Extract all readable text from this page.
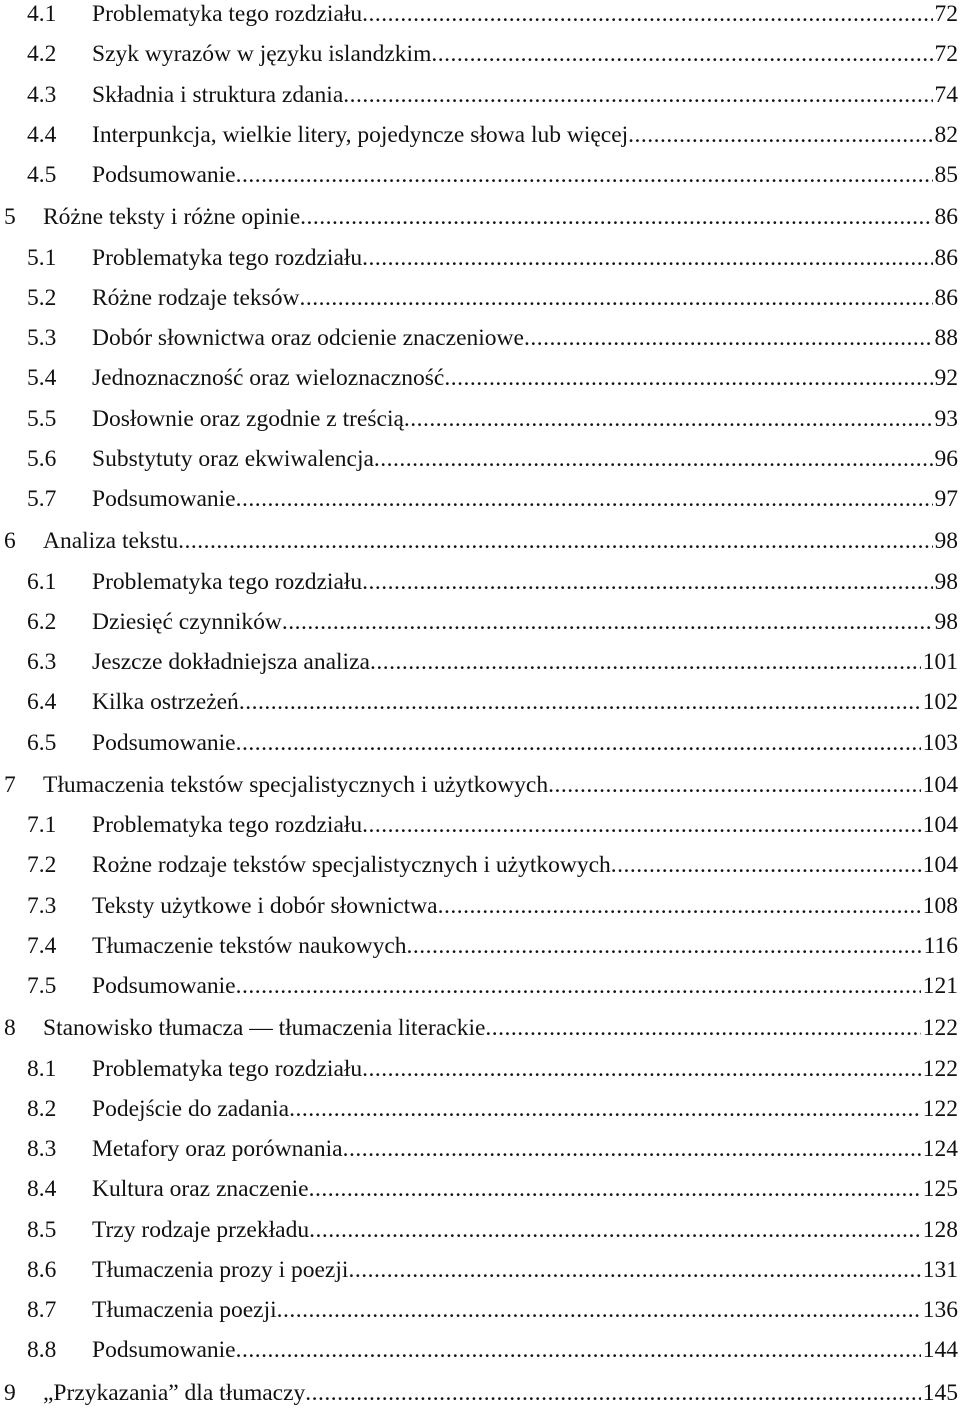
4.1 Problematyka tego rozdziału .....	72
4.2 Szyk wyrazów w języku islandzkim .....	72
4.3 Składnia i struktura zdania .....	74
4.4 Interpunkcja, wielkie litery, pojedyncze słowa lub więcej .....	82
4.5 Podsumowanie .....	85
5 Różne teksty i różne opinie .....	86
5.1 Problematyka tego rozdziału .....	86
5.2 Różne rodzaje teksów .....	86
5.3 Dobór słownictwa oraz odcienie znaczeniowe .....	88
5.4 Jednoznaczność oraz wieloznaczność .....	92
5.5 Dosłownie oraz zgodnie z treścią .....	93
5.6 Substytuty oraz ekwiwalencja .....	96
5.7 Podsumowanie .....	97
6 Analiza tekstu .....	98
6.1 Problematyka tego rozdziału .....	98
6.2 Dziesięć czynników .....	98
6.3 Jeszcze dokładniejsza analiza .....	101
6.4 Kilka ostrzeżeń .....	102
6.5 Podsumowanie .....	103
7 Tłumaczenia tekstów specjalistycznych i użytkowych .....	104
7.1 Problematyka tego rozdziału .....	104
7.2 Rożne rodzaje tekstów specjalistycznych i użytkowych .....	104
7.3 Teksty użytkowe i dobór słownictwa .....	108
7.4 Tłumaczenie tekstów naukowych .....	116
7.5 Podsumowanie .....	121
8 Stanowisko tłumacza — tłumaczenia literackie .....	122
8.1 Problematyka tego rozdziału .....	122
8.2 Podejście do zadania .....	122
8.3 Metafory oraz porównania .....	124
8.4 Kultura oraz znaczenie .....	125
8.5 Trzy rodzaje przekładu .....	128
8.6 Tłumaczenia prozy i poezji .....	131
8.7 Tłumaczenia poezji .....	136
8.8 Podsumowanie .....	144
9 „Przykazania” dla tłumaczy .....	145
